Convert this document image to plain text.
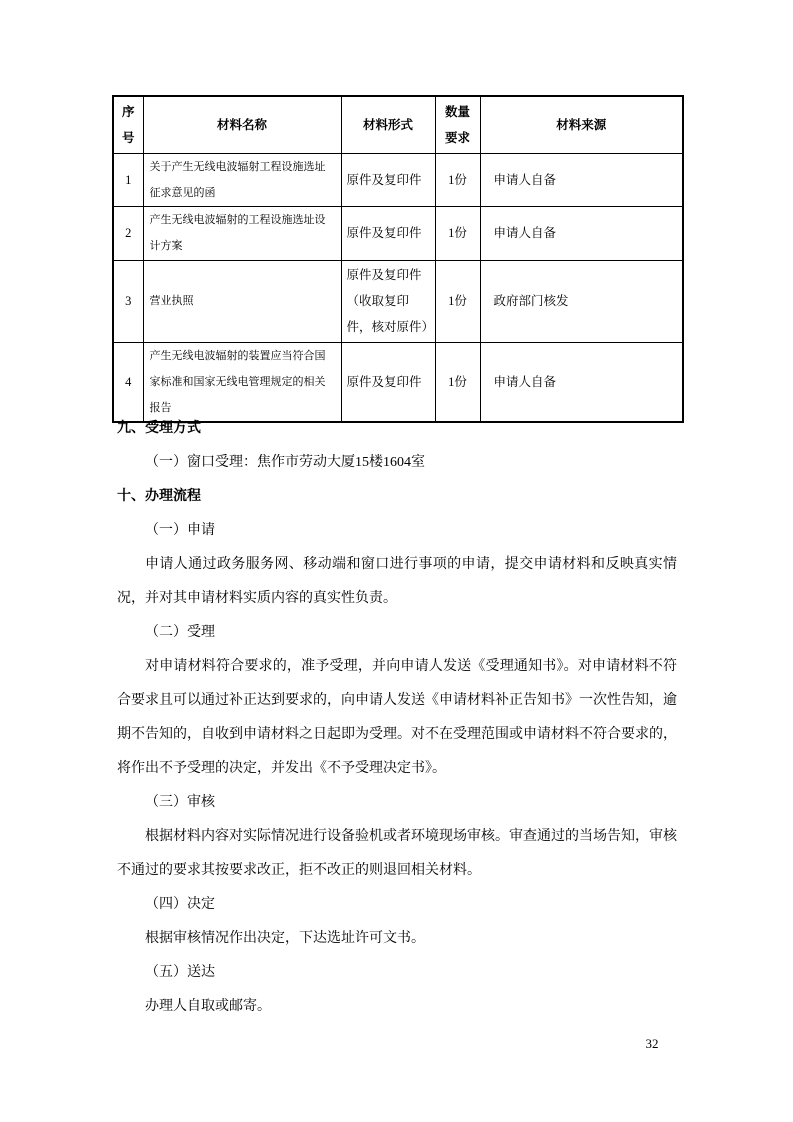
序号	材料名称	材料形式	数量要求	材料来源
1	关于产生无线电波辐射工程设施选址征求意见的函	原件及复印件	1份	申请人自备
2	产生无线电波辐射的工程设施选址设计方案	原件及复印件	1份	申请人自备
3	营业执照	原件及复印件（收取复印件，核对原件）	1份	政府部门核发
4	产生无线电波辐射的装置应当符合国家标准和国家无线电管理规定的相关报告	原件及复印件	1份	申请人自备
九、受理方式
（一）窗口受理：焦作市劳动大厦15楼1604室
十、办理流程
（一）申请

申请人通过政务服务网、移动端和窗口进行事项的申请，提交申请材料和反映真实情况，并对其申请材料实质内容的真实性负责。

（二）受理

对申请材料符合要求的，准予受理，并向申请人发送《受理通知书》。对申请材料不符合要求且可以通过补正达到要求的，向申请人发送《申请材料补正告知书》一次性告知，逾期不告知的，自收到申请材料之日起即为受理。对不在受理范围或申请材料不符合要求的，将作出不予受理的决定，并发出《不予受理决定书》。

（三）审核

根据材料内容对实际情况进行设备验机或者环境现场审核。审查通过的当场告知，审核不通过的要求其按要求改正，拒不改正的则退回相关材料。

（四）决定

根据审核情况作出决定，下达选址许可文书。

（五）送达

办理人自取或邮寄。

32
